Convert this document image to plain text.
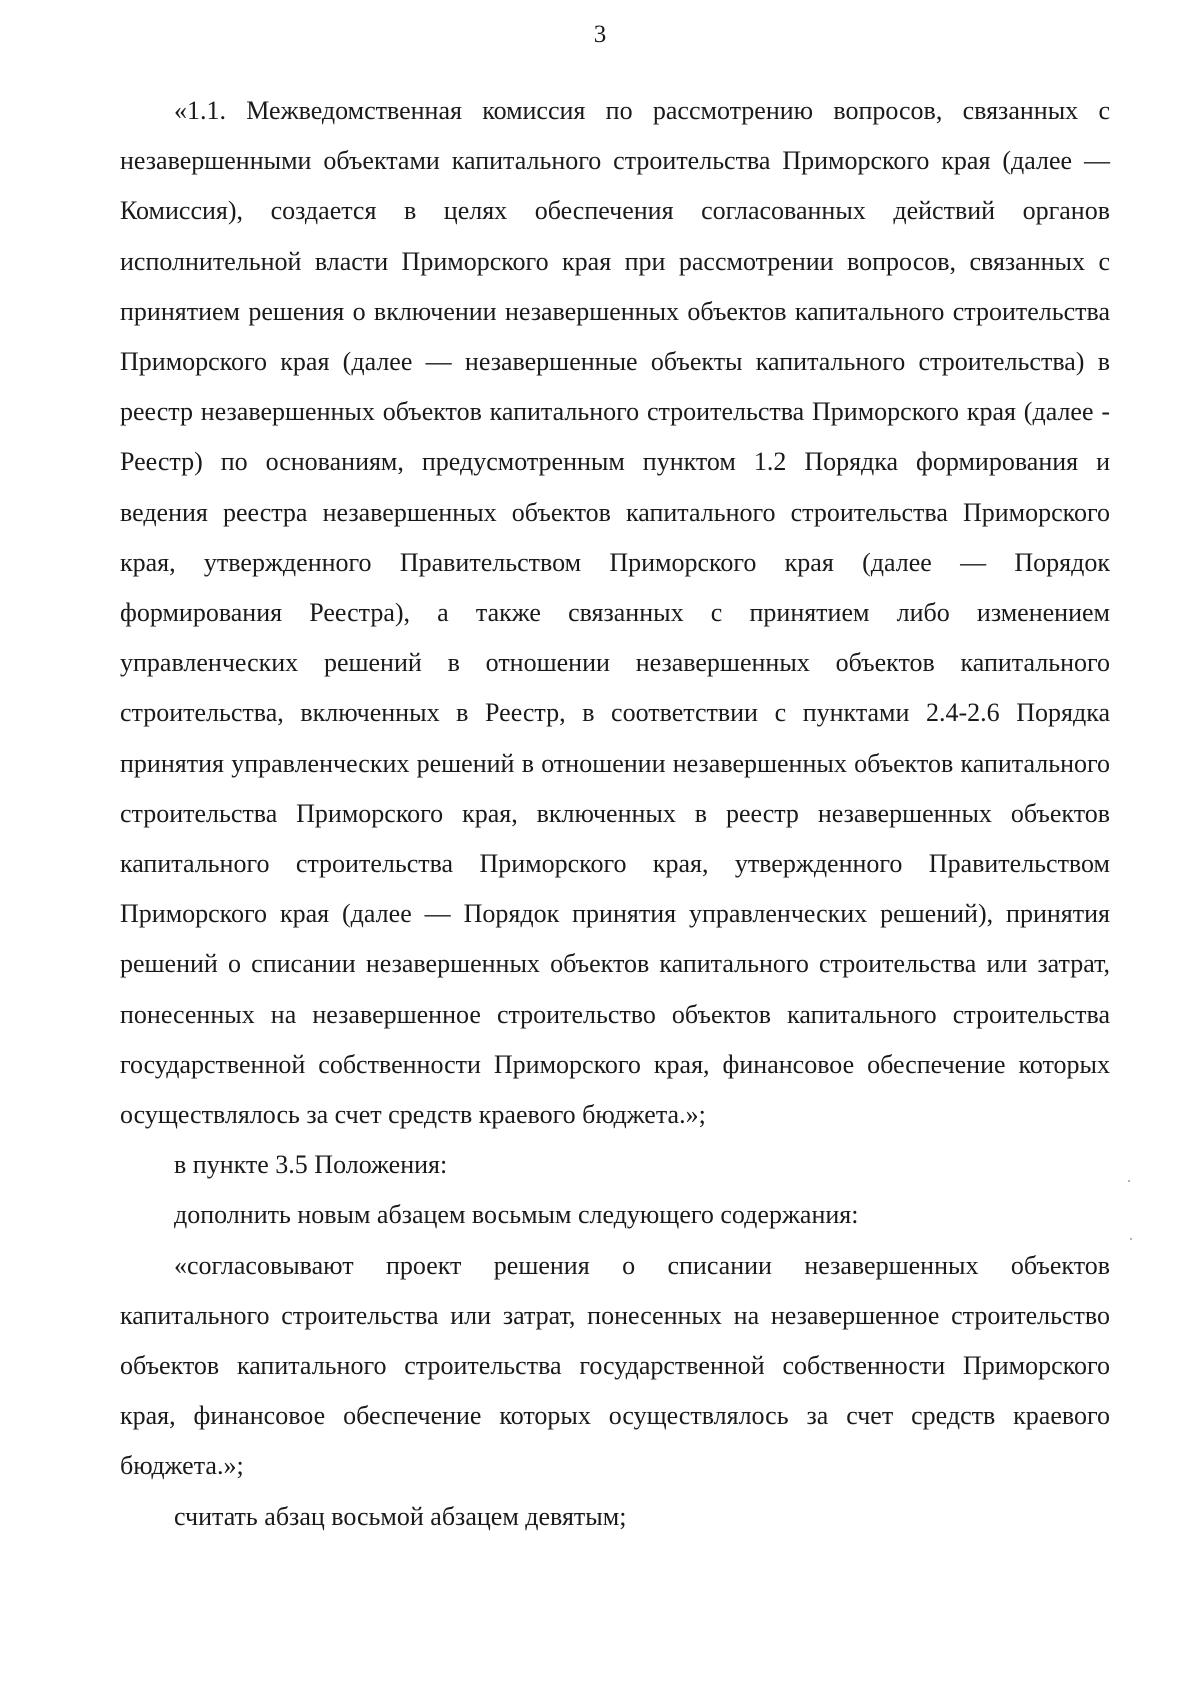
3

«1.1. Межведомственная комиссия по рассмотрению вопросов, связанных с незавершенными объектами капитального строительства Приморского края (далее — Комиссия), создается в целях обеспечения согласованных действий органов исполнительной власти Приморского края при рассмотрении вопросов, связанных с принятием решения о включении незавершенных объектов капитального строительства Приморского края (далее — незавершенные объекты капитального строительства) в реестр незавершенных объектов капитального строительства Приморского края (далее - Реестр) по основаниям, предусмотренным пунктом 1.2 Порядка формирования и ведения реестра незавершенных объектов капитального строительства Приморского края, утвержденного Правительством Приморского края (далее — Порядок формирования Реестра), а также связанных с принятием либо изменением управленческих решений в отношении незавершенных объектов капитального строительства, включенных в Реестр, в соответствии с пунктами 2.4-2.6 Порядка принятия управленческих решений в отношении незавершенных объектов капитального строительства Приморского края, включенных в реестр незавершенных объектов капитального строительства Приморского края, утвержденного Правительством Приморского края (далее — Порядок принятия управленческих решений), принятия решений о списании незавершенных объектов капитального строительства или затрат, понесенных на незавершенное строительство объектов капитального строительства государственной собственности Приморского края, финансовое обеспечение которых осуществлялось за счет средств краевого бюджета.»;

в пункте 3.5 Положения:

дополнить новым абзацем восьмым следующего содержания:

«согласовывают проект решения о списании незавершенных объектов капитального строительства или затрат, понесенных на незавершенное строительство объектов капитального строительства государственной собственности Приморского края, финансовое обеспечение которых осуществлялось за счет средств краевого бюджета.»;

считать абзац восьмой абзацем девятым;
